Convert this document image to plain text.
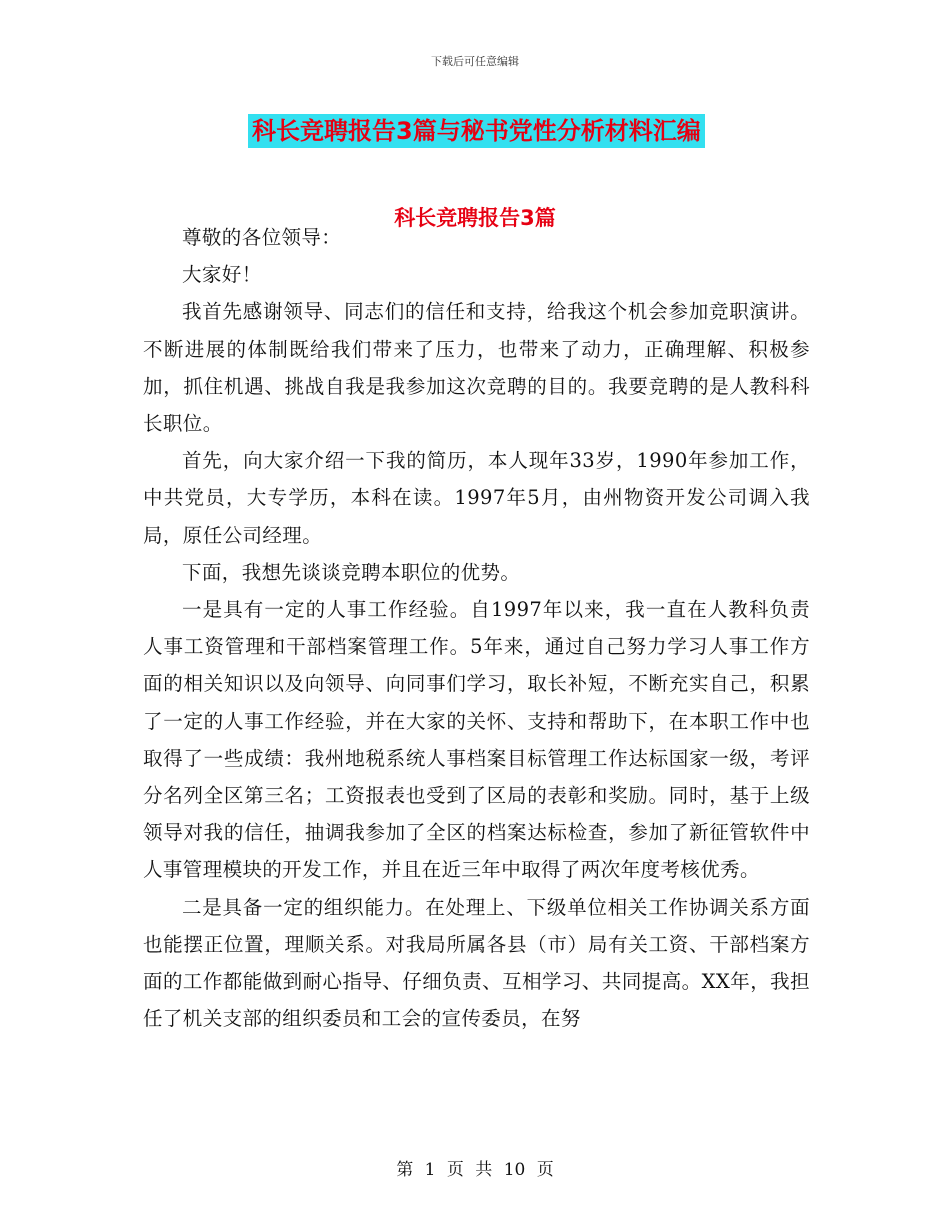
下载后可任意编辑
科长竞聘报告3篇与秘书党性分析材料汇编
科长竞聘报告3篇

尊敬的各位领导：

大家好！

我首先感谢领导、同志们的信任和支持，给我这个机会参加竞职演讲。不断进展的体制既给我们带来了压力，也带来了动力，正确理解、积极参加，抓住机遇、挑战自我是我参加这次竞聘的目的。我要竞聘的是人教科科长职位。

首先，向大家介绍一下我的简历，本人现年33岁，1990年参加工作，中共党员，大专学历，本科在读。1997年5月，由州物资开发公司调入我局，原任公司经理。

下面，我想先谈谈竞聘本职位的优势。

一是具有一定的人事工作经验。自1997年以来，我一直在人教科负责人事工资管理和干部档案管理工作。5年来，通过自己努力学习人事工作方面的相关知识以及向领导、向同事们学习，取长补短，不断充实自己，积累了一定的人事工作经验，并在大家的关怀、支持和帮助下，在本职工作中也取得了一些成绩：我州地税系统人事档案目标管理工作达标国家一级，考评分名列全区第三名；工资报表也受到了区局的表彰和奖励。同时，基于上级领导对我的信任，抽调我参加了全区的档案达标检查，参加了新征管软件中人事管理模块的开发工作，并且在近三年中取得了两次年度考核优秀。

二是具备一定的组织能力。在处理上、下级单位相关工作协调关系方面也能摆正位置，理顺关系。对我局所属各县（市）局有关工资、干部档案方面的工作都能做到耐心指导、仔细负责、互相学习、共同提高。XX年，我担任了机关支部的组织委员和工会的宣传委员，在努

第 1 页 共 10 页
